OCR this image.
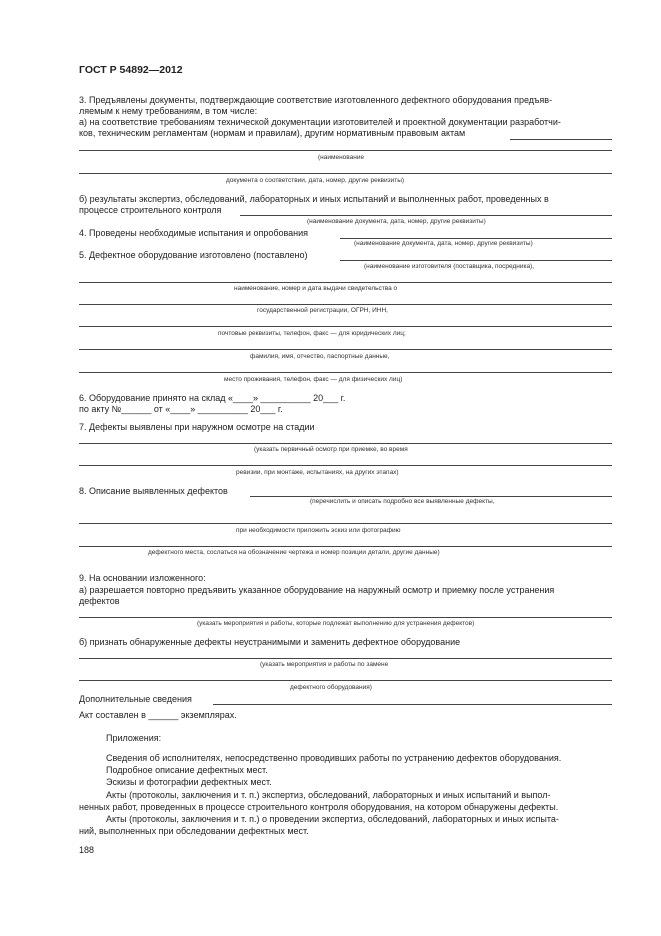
ГОСТ Р 54892—2012
3. Предъявлены документы, подтверждающие соответствие изготовленного дефектного оборудования предъяв-
ляемым к нему требованиям, в том числе:
а) на соответствие требованиям технической документации изготовителей и проектной документации разработчи-
ков, техническим регламентам (нормам и правилам), другим нормативным правовым актам
(наименование
документа о соответствии, дата, номер, другие реквизиты)
б) результаты экспертиз, обследований, лабораторных и иных испытаний и выполненных работ, проведенных в
процессе строительного контроля
(наименование документа, дата, номер, другие реквизиты)
4. Проведены необходимые испытания и опробования
(наименование документа, дата, номер, другие реквизиты)
5. Дефектное оборудование изготовлено (поставлено)
(наименование изготовителя (поставщика, посредника),
наименование, номер и дата выдачи свидетельства о
государственной регистрации, ОГРН, ИНН,
почтовые реквизиты, телефон, факс — для юридических лиц;
фамилия, имя, отчество, паспортные данные,
место проживания, телефон, факс — для физических лиц)
6. Оборудование принято на склад «____» __________ 20___ г.
по акту №______ от «____» __________ 20___ г.
7. Дефекты выявлены при наружном осмотре на стадии
(указать первичный осмотр при приемке, во время
ревизии, при монтаже, испытаниях, на других этапах)
8. Описание выявленных дефектов
(перечислить и описать подробно все выявленные дефекты,
при необходимости приложить эскиз или фотографию
дефектного места, сослаться на обозначение чертежа и номер позиции детали, другие данные)
9. На основании изложенного:
а) разрешается повторно предъявить указанное оборудование на наружный осмотр и приемку после устранения
дефектов
(указать мероприятия и работы, которые подлежат выполнению для устранения дефектов)
б) признать обнаруженные дефекты неустранимыми и заменить дефектное оборудование
(указать мероприятия и работы по замене
дефектного оборудования)
Дополнительные сведения
Акт составлен в ______ экземплярах.
Приложения:
Сведения об исполнителях, непосредственно проводивших работы по устранению дефектов оборудования.
Подробное описание дефектных мест.
Эскизы и фотографии дефектных мест.
Акты (протоколы, заключения и т. п.) экспертиз, обследований, лабораторных и иных испытаний и выпол-
ненных работ, проведенных в процессе строительного контроля оборудования, на котором обнаружены дефекты.
Акты (протоколы, заключения и т. п.) о проведении экспертиз, обследований, лабораторных и иных испыта-
ний, выполненных при обследовании дефектных мест.
188
